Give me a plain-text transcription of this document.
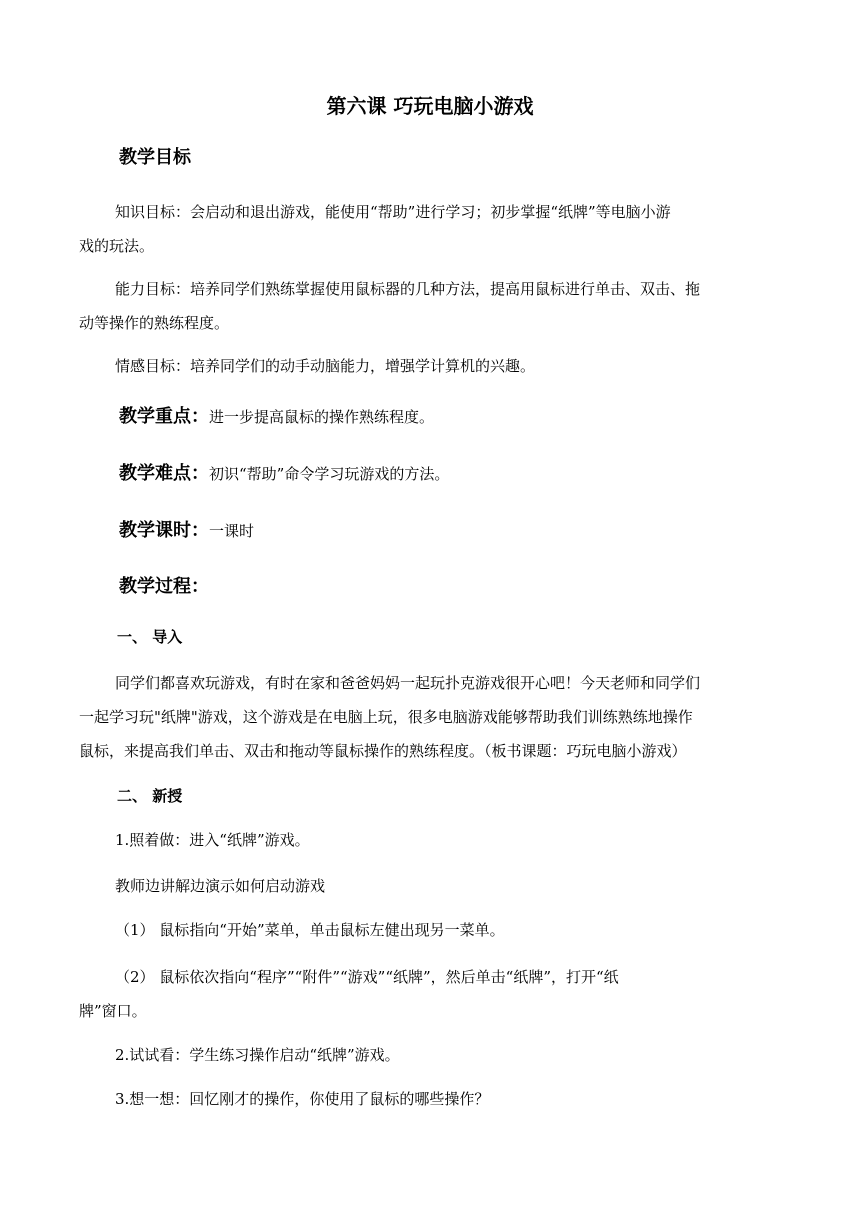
第六课 巧玩电脑小游戏
教学目标
知识目标：会启动和退出游戏，能使用“帮助”进行学习；初步掌握“纸牌”等电脑小游
戏的玩法。
能力目标：培养同学们熟练掌握使用鼠标器的几种方法，提高用鼠标进行单击、双击、拖
动等操作的熟练程度。
情感目标：培养同学们的动手动脑能力，增强学计算机的兴趣。
教学重点：进一步提高鼠标的操作熟练程度。
教学难点：初识“帮助”命令学习玩游戏的方法。
教学课时：一课时
教学过程：
一、 导入
同学们都喜欢玩游戏，有时在家和爸爸妈妈一起玩扑克游戏很开心吧！今天老师和同学们
一起学习玩"纸牌"游戏，这个游戏是在电脑上玩，很多电脑游戏能够帮助我们训练熟练地操作
鼠标，来提高我们单击、双击和拖动等鼠标操作的熟练程度。（板书课题：巧玩电脑小游戏）
二、 新授
1.照着做：进入“纸牌”游戏。
教师边讲解边演示如何启动游戏
（1） 鼠标指向“开始”菜单，单击鼠标左健出现另一菜单。
（2） 鼠标依次指向“程序”“附件”“游戏”“纸牌”，然后单击“纸牌”，打开“纸
牌”窗口。
2.试试看：学生练习操作启动“纸牌”游戏。
3.想一想：回忆刚才的操作，你使用了鼠标的哪些操作？
